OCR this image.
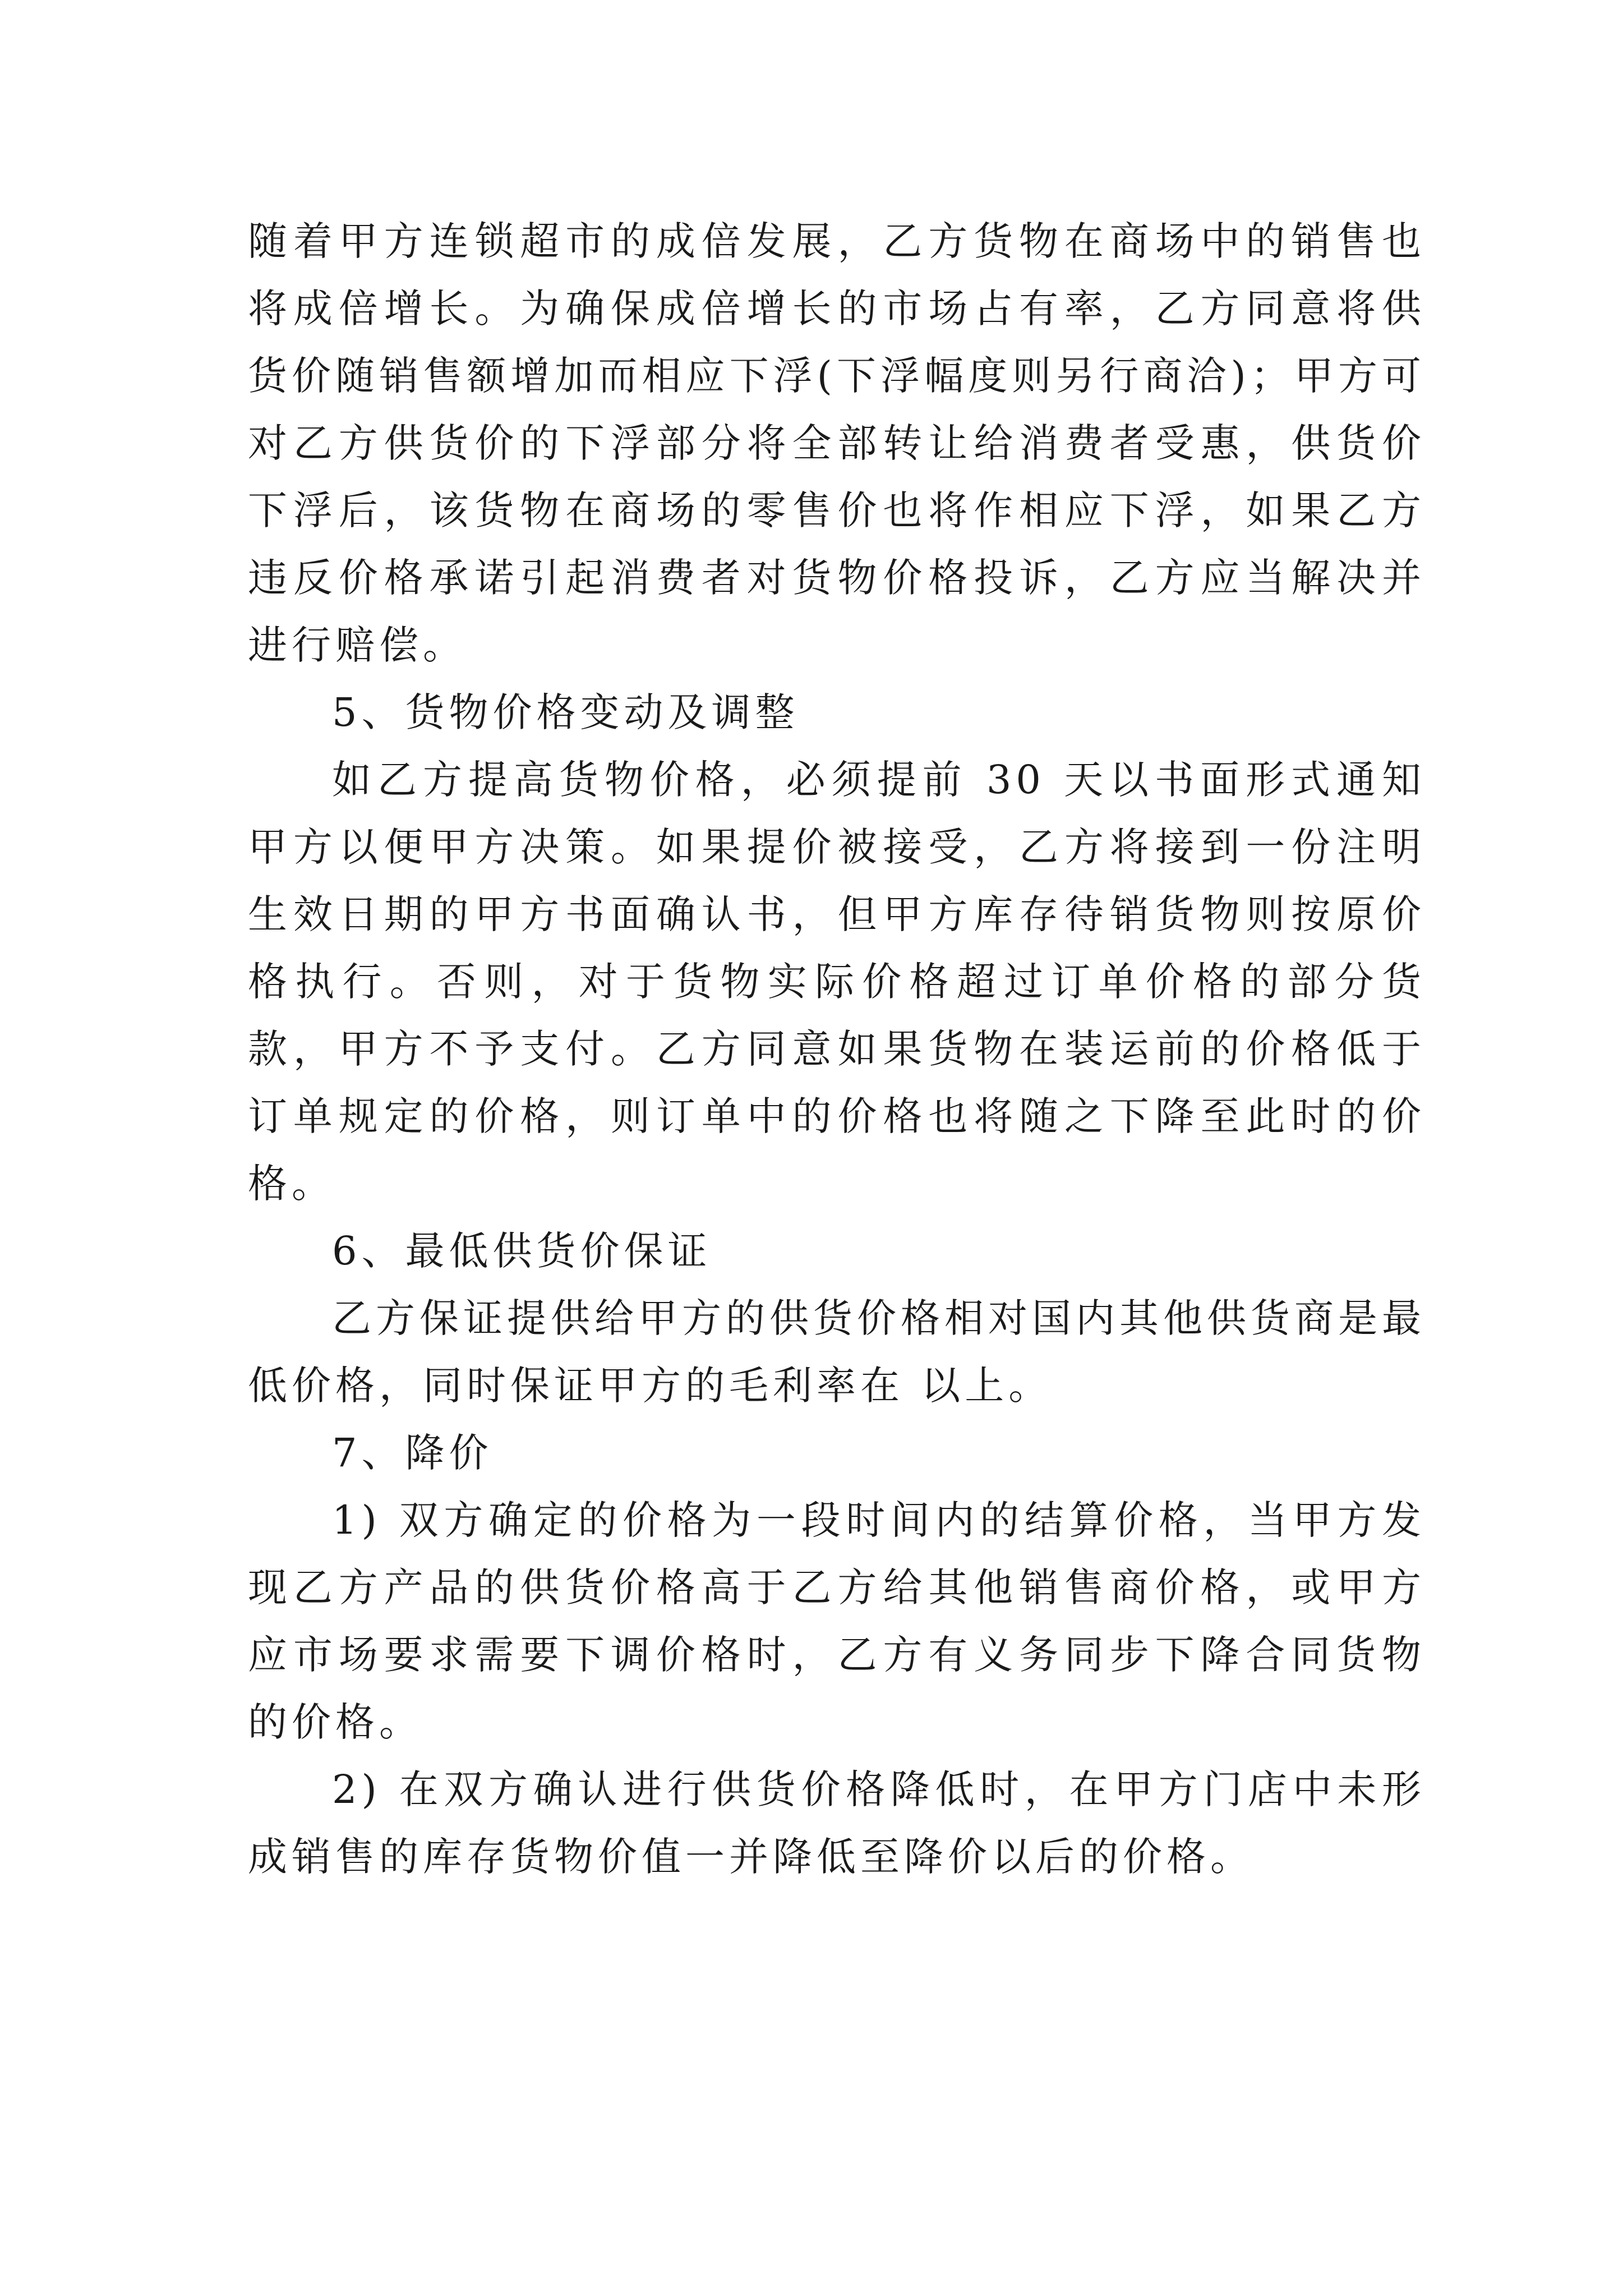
随着甲方连锁超市的成倍发展，乙方货物在商场中的销售也将成倍增长。为确保成倍增长的市场占有率，乙方同意将供货价随销售额增加而相应下浮(下浮幅度则另行商洽)；甲方可对乙方供货价的下浮部分将全部转让给消费者受惠，供货价下浮后，该货物在商场的零售价也将作相应下浮，如果乙方违反价格承诺引起消费者对货物价格投诉，乙方应当解决并进行赔偿。

5、货物价格变动及调整

如乙方提高货物价格，必须提前 30 天以书面形式通知甲方以便甲方决策。如果提价被接受，乙方将接到一份注明生效日期的甲方书面确认书，但甲方库存待销货物则按原价格执行。否则，对于货物实际价格超过订单价格的部分货款，甲方不予支付。乙方同意如果货物在装运前的价格低于订单规定的价格，则订单中的价格也将随之下降至此时的价格。

6、最低供货价保证

乙方保证提供给甲方的供货价格相对国内其他供货商是最低价格，同时保证甲方的毛利率在 以上。

7、降价

1) 双方确定的价格为一段时间内的结算价格，当甲方发现乙方产品的供货价格高于乙方给其他销售商价格，或甲方应市场要求需要下调价格时，乙方有义务同步下降合同货物的价格。

2) 在双方确认进行供货价格降低时，在甲方门店中未形成销售的库存货物价值一并降低至降价以后的价格。
